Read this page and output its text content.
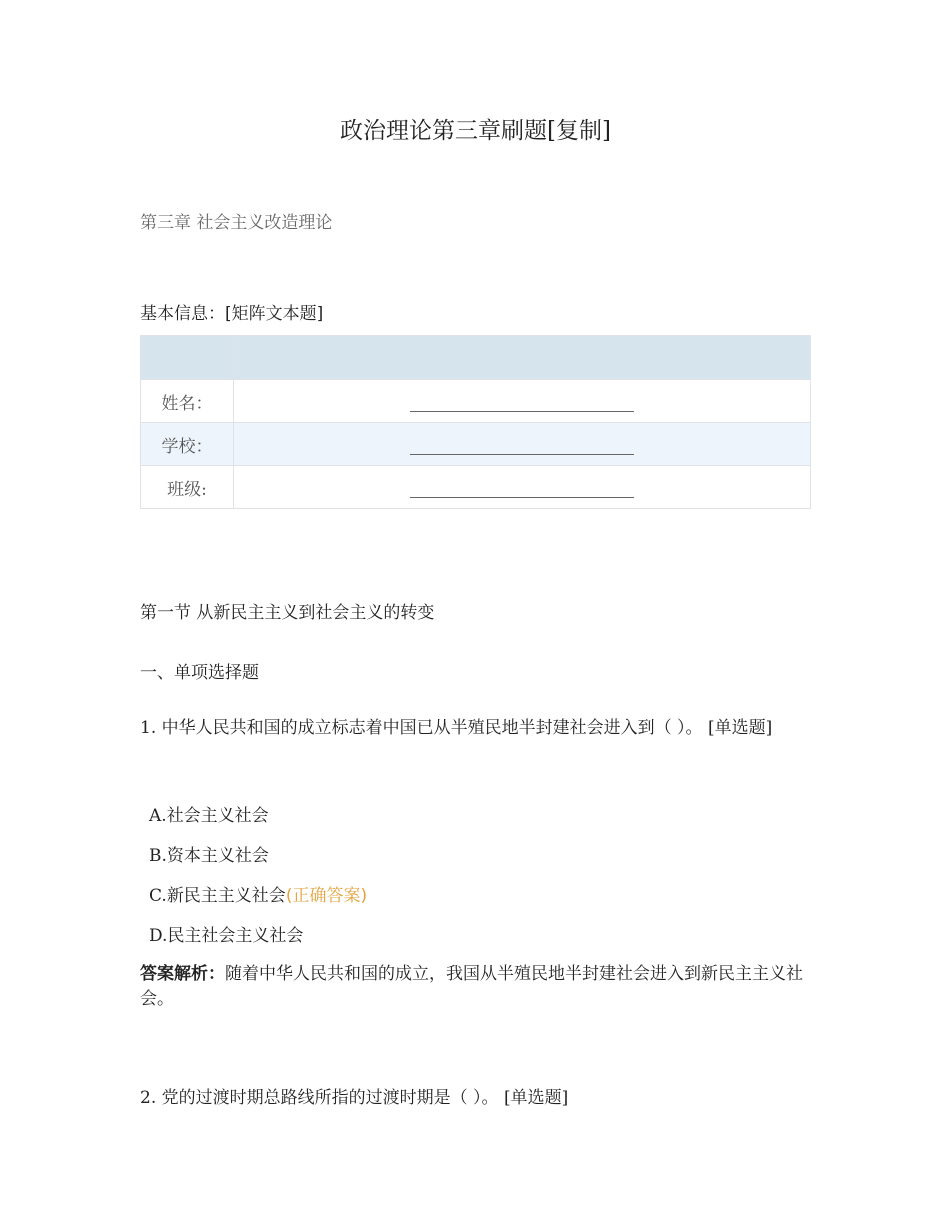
政治理论第三章刷题[复制]
第三章 社会主义改造理论
基本信息：[矩阵文本题]

姓名：	
学校：	
班级:	
第一节 从新民主主义到社会主义的转变
一、单项选择题
1. 中华人民共和国的成立标志着中国已从半殖民地半封建社会进入到（ ）。 [单选题]
A.社会主义社会
B.资本主义社会
C.新民主主义社会(正确答案)
D.民主社会主义社会
答案解析：随着中华人民共和国的成立，我国从半殖民地半封建社会进入到新民主主义社会。
2. 党的过渡时期总路线所指的过渡时期是（ ）。 [单选题]
